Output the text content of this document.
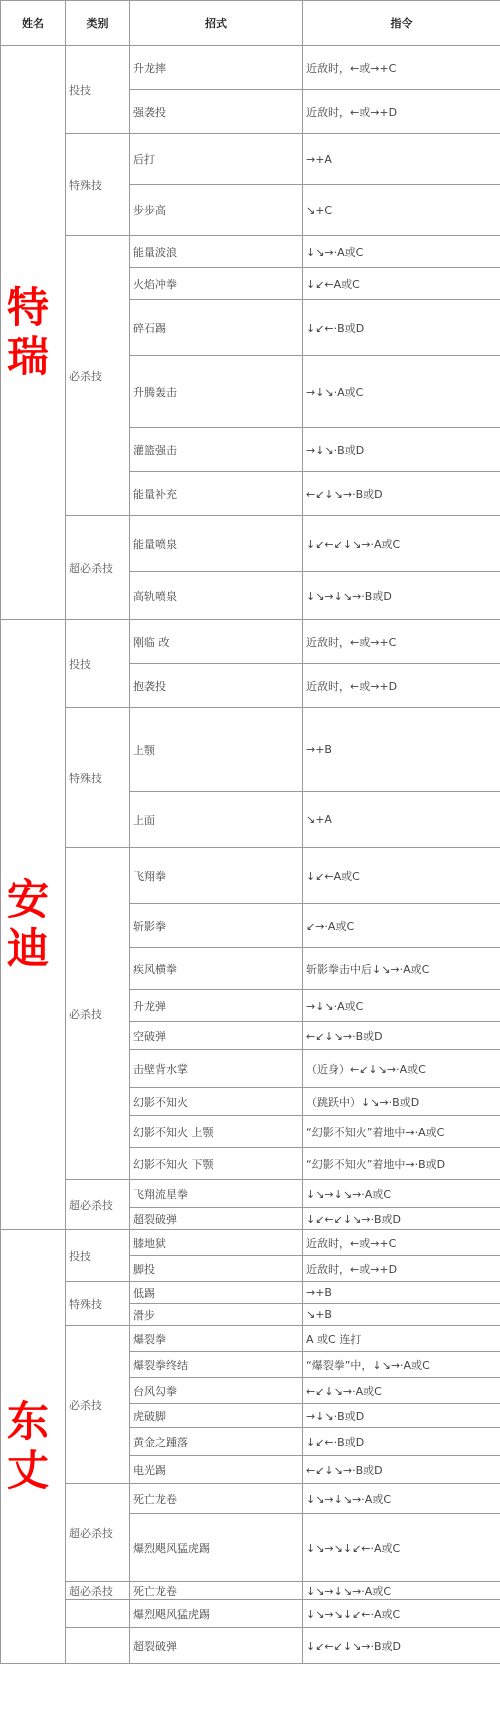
姓名	类别	招式	指令
特瑞	投技	升龙摔	近敌时，←或→+C
		强袭投	近敌时，←或→+D
	特殊技	后打	→+A
		步步高	↘+C
	必杀技	能量波浪	↓↘→·A或C
		火焰冲拳	↓↙←A或C
		碎石踢	↓↙←·B或D
		升腾轰击	→↓↘·A或C
		灌篮强击	→↓↘·B或D
		能量补充	←↙↓↘→·B或D
	超必杀技	能量喷泉	↓↙←↙↓↘→·A或C
		高轨喷泉	↓↘→↓↘→·B或D
安迪	投技	刚临 改	近敌时，←或→+C
		抱袭投	近敌时，←或→+D
	特殊技	上颚	→+B
		上面	↘+A
	必杀技	飞翔拳	↓↙←A或C
		斩影拳	↙→·A或C
		疾风横拳	斩影拳击中后↓↘→·A或C
		升龙弹	→↓↘·A或C
		空破弹	←↙↓↘→·B或D
		击壁背水掌	（近身）←↙↓↘→·A或C
		幻影不知火	（跳跃中）↓↘→·B或D
		幻影不知火 上颚	“幻影不知火”着地中→·A或C
		幻影不知火 下颚	“幻影不知火”着地中→·B或D
	超必杀技	飞翔流星拳	↓↘→↓↘→·A或C
		超裂破弹	↓↙←↙↓↘→·B或D
东丈	投技	膝地狱	近敌时，←或→+C
		脚投	近敌时，←或→+D
	特殊技	低踢	→+B
		滑步	↘+B
	必杀技	爆裂拳	A 或C 连打
		爆裂拳终结	“爆裂拳”中，↓↘→·A或C
		台风勾拳	←↙↓↘→·A或C
		虎破脚	→↓↘·B或D
		黄金之踵落	↓↙←·B或D
		电光踢	←↙↓↘→·B或D
	超必杀技	死亡龙卷	↓↘→↓↘→·A或C
		爆烈飓风猛虎踢	↓↘→↘↓↙←·A或C
	超必杀技	死亡龙卷	↓↘→↓↘→·A或C
		爆烈飓风猛虎踢	↓↘→↘↓↙←·A或C
		超裂破弹	↓↙←↙↓↘→·B或D
